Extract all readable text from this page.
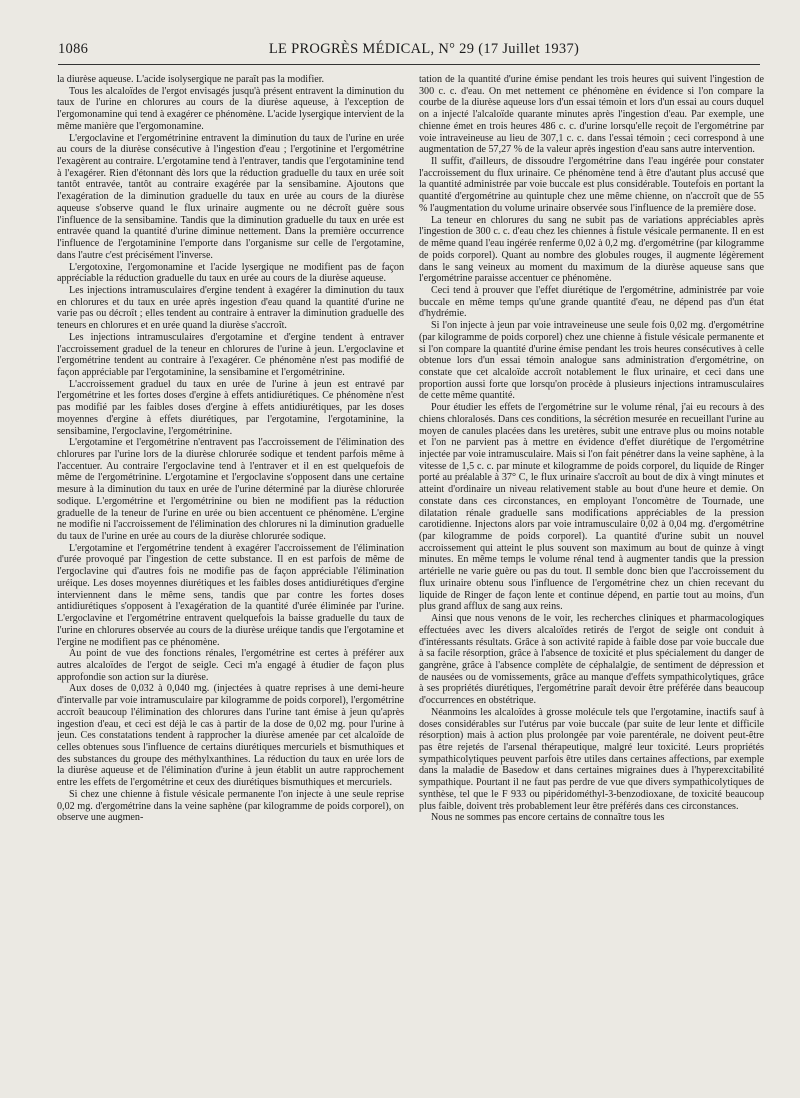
1086	LE PROGRÈS MÉDICAL, N° 29 (17 Juillet 1937)

la diurèse aqueuse. L'acide isolysergique ne paraît pas la modifier.

Tous les alcaloïdes de l'ergot envisagés jusqu'à présent entravent la diminution du taux de l'urine en chlorures au cours de la diurèse aqueuse, à l'exception de l'ergomonamine qui tend à exagérer ce phénomène. L'acide lysergique intervient de la même manière que l'ergomonamine.

L'ergoclavine et l'ergométrinine entravent la diminution du taux de l'urine en urée au cours de la diurèse consécutive à l'ingestion d'eau ; l'ergotinine et l'ergométrine l'exagèrent au contraire. L'ergotamine tend à l'entraver, tandis que l'ergotaminine tend à l'exagérer. Rien d'étonnant dès lors que la réduction graduelle du taux en urée soit tantôt entravée, tantôt au contraire exagérée par la sensibamine. Ajoutons que l'exagération de la diminution graduelle du taux en urée au cours de la diurèse aqueuse s'observe quand le flux urinaire augmente ou ne décroît guère sous l'influence de la sensibamine. Tandis que la diminution graduelle du taux en urée est entravée quand la quantité d'urine diminue nettement. Dans la première occurrence l'influence de l'ergotaminine l'emporte dans l'organisme sur celle de l'ergotamine, dans l'autre c'est précisément l'inverse.

L'ergotoxine, l'ergomonamine et l'acide lysergique ne modifient pas de façon appréciable la réduction graduelle du taux en urée au cours de la diurèse aqueuse.

Les injections intramusculaires d'ergine tendent à exagérer la diminution du taux en chlorures et du taux en urée après ingestion d'eau quand la quantité d'urine ne varie pas ou décroît ; elles tendent au contraire à entraver la diminution graduelle des teneurs en chlorures et en urée quand la diurèse s'accroît.

Les injections intramusculaires d'ergotamine et d'ergine tendent à entraver l'accroissement graduel de la teneur en chlorures de l'urine à jeun. L'ergoclavine et l'ergométrine tendent au contraire à l'exagérer. Ce phénomène n'est pas modifié de façon appréciable par l'ergotaminine, la sensibamine et l'ergométrinine.

L'accroissement graduel du taux en urée de l'urine à jeun est entravé par l'ergométrine et les fortes doses d'ergine à effets antidiurétiques. Ce phénomène n'est pas modifié par les faibles doses d'ergine à effets antidiurétiques, par les doses moyennes d'ergine à effets diurétiques, par l'ergotamine, l'ergotaminine, la sensibamine, l'ergoclavine, l'ergométrinine.

L'ergotamine et l'ergométrine n'entravent pas l'accroissement de l'élimination des chlorures par l'urine lors de la diurèse chlorurée sodique et tendent parfois même à l'accentuer. Au contraire l'ergoclavine tend à l'entraver et il en est quelquefois de même de l'ergométrinine. L'ergotamine et l'ergoclavine s'opposent dans une certaine mesure à la diminution du taux en urée de l'urine déterminé par la diurèse chlorurée sodique. L'ergométrine et l'ergométrinine ou bien ne modifient pas la réduction graduelle de la teneur de l'urine en urée ou bien accentuent ce phénomène. L'ergine ne modifie ni l'accroissement de l'élimination des chlorures ni la diminution graduelle du taux de l'urine en urée au cours de la diurèse chlorurée sodique.

L'ergotamine et l'ergométrine tendent à exagérer l'accroissement de l'élimination d'urée provoqué par l'ingestion de cette substance. Il en est parfois de même de l'ergoclavine qui d'autres fois ne modifie pas de façon appréciable l'élimination uréique. Les doses moyennes diurétiques et les faibles doses antidiurétiques d'ergine interviennent dans le même sens, tandis que par contre les fortes doses antidiurétiques s'opposent à l'exagération de la quantité d'urée éliminée par l'urine. L'ergoclavine et l'ergométrine entravent quelquefois la baisse graduelle du taux de l'urine en chlorures observée au cours de la diurèse uréique tandis que l'ergotamine et l'ergine ne modifient pas ce phénomène.

Au point de vue des fonctions rénales, l'ergométrine est certes à préférer aux autres alcaloïdes de l'ergot de seigle. Ceci m'a engagé à étudier de façon plus approfondie son action sur la diurèse.

Aux doses de 0,032 à 0,040 mg. (injectées à quatre reprises à une demi-heure d'intervalle par voie intramusculaire par kilogramme de poids corporel), l'ergométrine accroît beaucoup l'élimination des chlorures dans l'urine tant émise à jeun qu'après ingestion d'eau, et ceci est déjà le cas à partir de la dose de 0,02 mg. pour l'urine à jeun. Ces constatations tendent à rapprocher la diurèse amenée par cet alcaloïde de celles obtenues sous l'influence de certains diurétiques mercuriels et bismuthiques et des substances du groupe des méthylxanthines. La réduction du taux en urée lors de la diurèse aqueuse et de l'élimination d'urine à jeun établit un autre rapprochement entre les effets de l'ergométrine et ceux des diurétiques bismuthiques et mercuriels.

Si chez une chienne à fistule vésicale permanente l'on injecte à une seule reprise 0,02 mg. d'ergométrine dans la veine saphène (par kilogramme de poids corporel), on observe une augmen-

tation de la quantité d'urine émise pendant les trois heures qui suivent l'ingestion de 300 c. c. d'eau. On met nettement ce phénomène en évidence si l'on compare la courbe de la diurèse aqueuse lors d'un essai témoin et lors d'un essai au cours duquel on a injecté l'alcaloïde quarante minutes après l'ingestion d'eau. Par exemple, une chienne émet en trois heures 486 c. c. d'urine lorsqu'elle reçoit de l'ergométrine par voie intraveineuse au lieu de 307,1 c. c. dans l'essai témoin ; ceci correspond à une augmentation de 57,27 % de la valeur après ingestion d'eau sans autre intervention.

Il suffit, d'ailleurs, de dissoudre l'ergométrine dans l'eau ingérée pour constater l'accroissement du flux urinaire. Ce phénomène tend à être d'autant plus accusé que la quantité administrée par voie buccale est plus considérable. Toutefois en portant la quantité d'ergométrine au quintuple chez une même chienne, on n'accroît que de 55 % l'augmentation du volume urinaire observée sous l'influence de la première dose.

La teneur en chlorures du sang ne subit pas de variations appréciables après l'ingestion de 300 c. c. d'eau chez les chiennes à fistule vésicale permanente. Il en est de même quand l'eau ingérée renferme 0,02 à 0,2 mg. d'ergométrine (par kilogramme de poids corporel). Quant au nombre des globules rouges, il augmente légèrement dans le sang veineux au moment du maximum de la diurèse aqueuse sans que l'ergométrine paraisse accentuer ce phénomène.

Ceci tend à prouver que l'effet diurétique de l'ergométrine, administrée par voie buccale en même temps qu'une grande quantité d'eau, ne dépend pas d'un état d'hydrémie.

Si l'on injecte à jeun par voie intraveineuse une seule fois 0,02 mg. d'ergométrine (par kilogramme de poids corporel) chez une chienne à fistule vésicale permanente et si l'on compare la quantité d'urine émise pendant les trois heures consécutives à celle obtenue lors d'un essai témoin analogue sans administration d'ergométrine, on constate que cet alcaloïde accroît notablement le flux urinaire, et ceci dans une proportion aussi forte que lorsqu'on procède à plusieurs injections intramusculaires de cette même quantité.

Pour étudier les effets de l'ergométrine sur le volume rénal, j'ai eu recours à des chiens chloralosés. Dans ces conditions, la sécrétion mesurée en recueillant l'urine au moyen de canules placées dans les uretères, subit une entrave plus ou moins notable et l'on ne parvient pas à mettre en évidence d'effet diurétique de l'ergométrine injectée par voie intramusculaire. Mais si l'on fait pénétrer dans la veine saphène, à la vitesse de 1,5 c. c. par minute et kilogramme de poids corporel, du liquide de Ringer porté au préalable à 37° C, le flux urinaire s'accroît au bout de dix à vingt minutes et atteint d'ordinaire un niveau relativement stable au bout d'une heure et demie. On constate dans ces circonstances, en employant l'oncomètre de Tournade, une dilatation rénale graduelle sans modifications appréciables de la pression carotidienne. Injectons alors par voie intramusculaire 0,02 à 0,04 mg. d'ergométrine (par kilogramme de poids corporel). La quantité d'urine subit un nouvel accroissement qui atteint le plus souvent son maximum au bout de quinze à vingt minutes. En même temps le volume rénal tend à augmenter tandis que la pression artérielle ne varie guère ou pas du tout. Il semble donc bien que l'accroissement du flux urinaire obtenu sous l'influence de l'ergométrine chez un chien recevant du liquide de Ringer de façon lente et continue dépend, en partie tout au moins, d'un plus grand afflux de sang aux reins.

Ainsi que nous venons de le voir, les recherches cliniques et pharmacologiques effectuées avec les divers alcaloïdes retirés de l'ergot de seigle ont conduit à d'intéressants résultats. Grâce à son activité rapide à faible dose par voie buccale due à sa facile résorption, grâce à l'absence de toxicité et plus spécialement du danger de gangrène, grâce à l'absence complète de céphalalgie, de sentiment de dépression et de nausées ou de vomissements, grâce au manque d'effets sympathicolytiques, grâce à ses propriétés diurétiques, l'ergométrine paraît devoir être préférée dans beaucoup d'occurrences en obstétrique.

Néanmoins les alcaloïdes à grosse molécule tels que l'ergotamine, inactifs sauf à doses considérables sur l'utérus par voie buccale (par suite de leur lente et difficile résorption) mais à action plus prolongée par voie parentérale, ne doivent peut-être pas être rejetés de l'arsenal thérapeutique, malgré leur toxicité. Leurs propriétés sympathicolytiques peuvent parfois être utiles dans certaines affections, par exemple dans la maladie de Basedow et dans certaines migraines dues à l'hyperexcitabilité sympathique. Pourtant il ne faut pas perdre de vue que divers sympathicolytiques de synthèse, tel que le F 933 ou pipéridométhyl-3-benzodioxane, de toxicité beaucoup plus faible, doivent très probablement leur être préférés dans ces circonstances.

Nous ne sommes pas encore certains de connaître tous les
